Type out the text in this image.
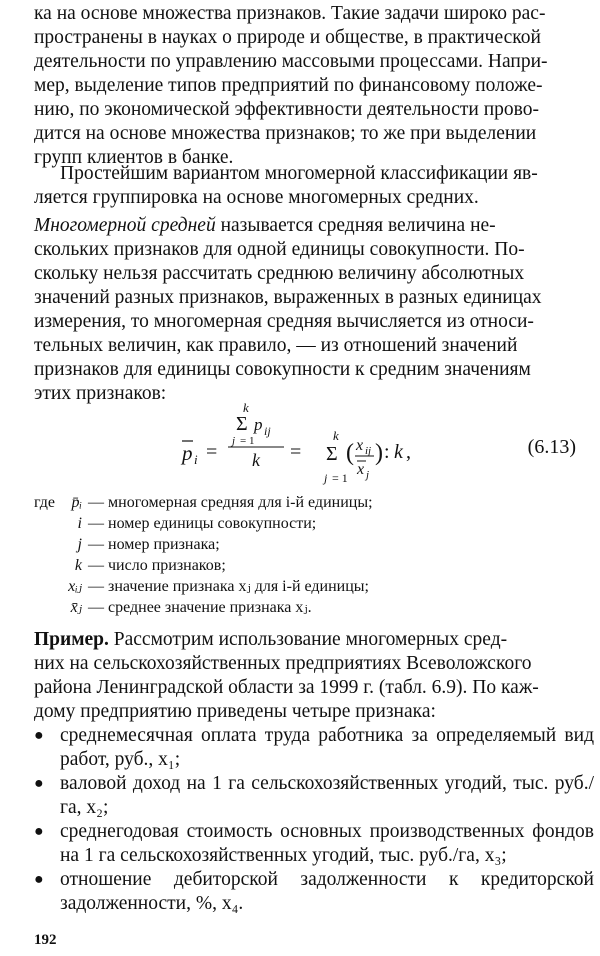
ка на основе множества признаков. Такие задачи широко рас-
пространены в науках о природе и обществе, в практической
деятельности по управлению массовыми процессами. Напри-
мер, выделение типов предприятий по финансовому положе-
нию, по экономической эффективности деятельности прово-
дится на основе множества признаков; то же при выделении
групп клиентов в банке.
Простейшим вариантом многомерной классификации яв-
ляется группировка на основе многомерных средних.
Многомерной средней называется средняя величина не-
скольких признаков для одной единицы совокупности. По-
скольку нельзя рассчитать среднюю величину абсолютных
значений разных признаков, выраженных в разных единицах
измерения, то многомерная средняя вычисляется из относи-
тельных величин, как правило, — из отношений значений
признаков для единицы совокупности к средним значениям
этих признаков:
p i =
k
Σ p ij
j = 1
k =
k
Σ
j = 1
( x ij
x j
) : k ,	(6.13)
где	p̄ᵢ — многомерная средняя для i-й единицы;
i — номер единицы совокупности;
j — номер признака;
k — число признаков;
xᵢⱼ — значение признака xⱼ для i-й единицы;
x̄ⱼ — среднее значение признака xⱼ.
Пример. Рассмотрим использование многомерных сред-
них на сельскохозяйственных предприятиях Всеволожского
района Ленинградской области за 1999 г. (табл. 6.9). По каж-
дому предприятию приведены четыре признака:
● среднемесячная оплата труда работника за определяемый вид работ, руб., x₁;
● валовой доход на 1 га сельскохозяйственных угодий, тыс. руб./га, x₂;
● среднегодовая стоимость основных производственных фондов на 1 га сельскохозяйственных угодий, тыс. руб./га, x₃;
● отношение дебиторской задолженности к кредиторской задолженности, %, x₄.
192
